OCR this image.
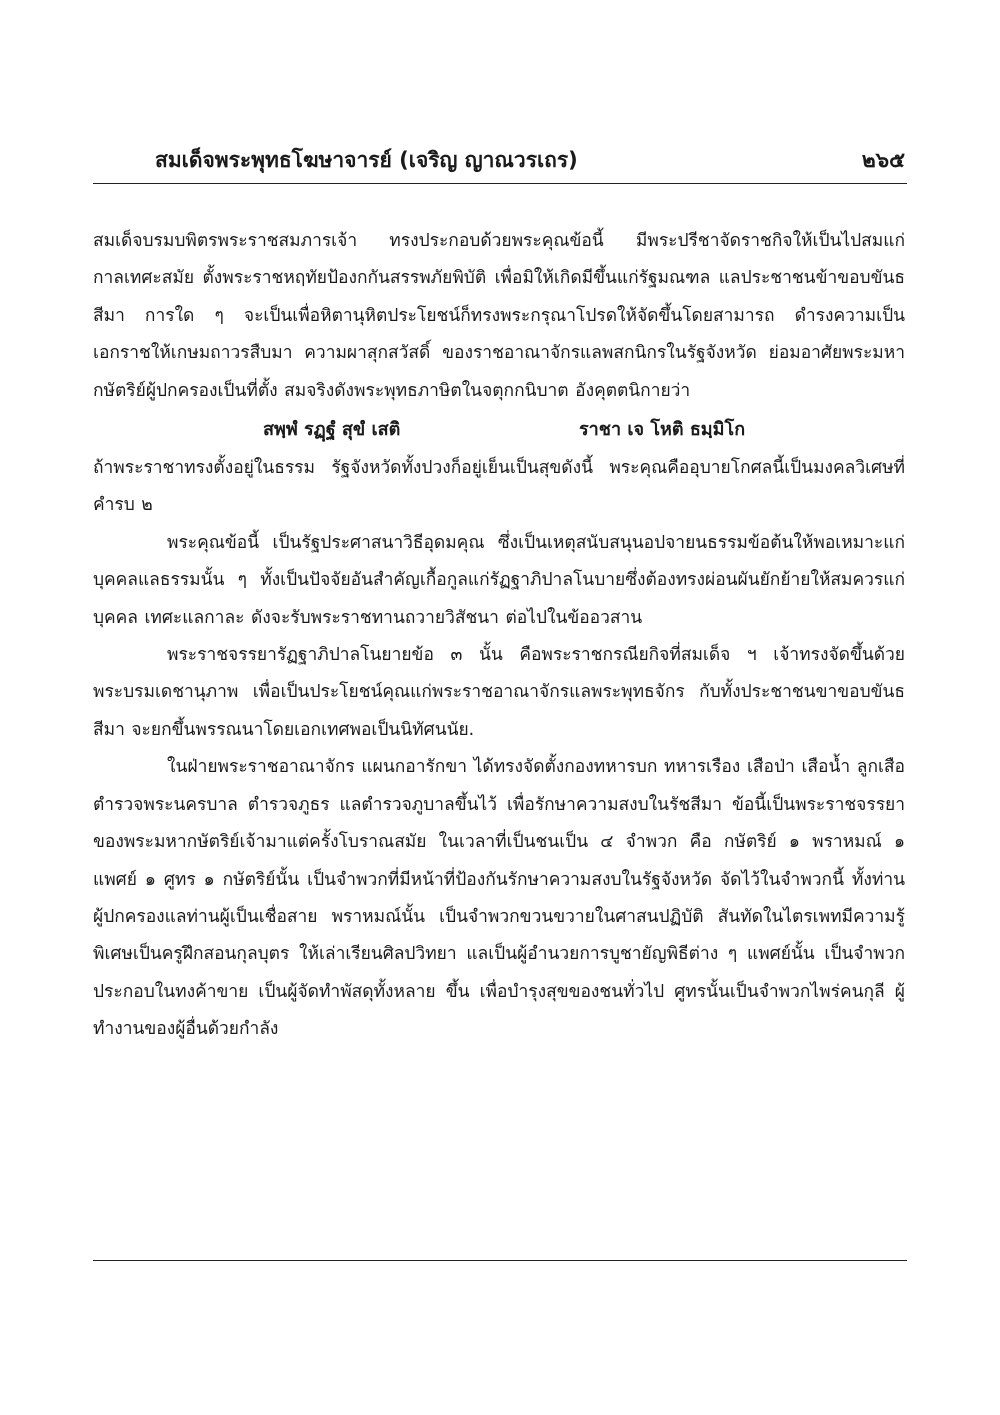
สมเด็จพระพุทธโฆษาจารย์ (เจริญ ญาณวรเถร)	๒๖๕

สมเด็จบรมบพิตรพระราชสมภารเจ้า ทรงประกอบด้วยพระคุณข้อนี้ มีพระปรีชาจัดราชกิจให้เป็นไปสมแก่กาลเทศะสมัย ตั้งพระราชหฤทัยป้องกกันสรรพภัยพิบัติ เพื่อมิให้เกิดมีขึ้นแก่รัฐมณฑล แลประชาชนข้าขอบขันธสีมา การใด ๆ จะเป็นเพื่อหิตานุหิตประโยชน์ก็ทรงพระกรุณาโปรดให้จัดขึ้นโดยสามารถ ดำรงความเป็นเอกราชให้เกษมถาวรสืบมา ความผาสุกสวัสดิ์ ของราชอาณาจักรแลพสกนิกรในรัฐจังหวัด ย่อมอาศัยพระมหากษัตริย์ผู้ปกครองเป็นที่ตั้ง สมจริงดังพระพุทธภาษิตในจตุกกนิบาต อังคุตตนิกายว่า

สพฺพํ รฏฺฐํ สุขํ เสติ	ราชา เจ โหติ ธมฺมิโก

ถ้าพระราชาทรงตั้งอยู่ในธรรม รัฐจังหวัดทั้งปวงก็อยู่เย็นเป็นสุขดังนี้ พระคุณคืออุบายโกศลนี้เป็นมงคลวิเศษที่คำรบ ๒

พระคุณข้อนี้ เป็นรัฐประศาสนาวิธีอุดมคุณ ซึ่งเป็นเหตุสนับสนุนอปจายนธรรมข้อต้นให้พอเหมาะแก่บุคคลแลธรรมนั้น ๆ ทั้งเป็นปัจจัยอันสำคัญเกื้อกูลแก่รัฏฐาภิปาลโนบายซึ่งต้องทรงผ่อนผันยักย้ายให้สมควรแก่บุคคล เทศะแลกาละ ดังจะรับพระราชทานถวายวิสัชนา ต่อไปในข้ออวสาน

พระราชจรรยารัฏฐาภิปาลโนยายข้อ ๓ นั้น คือพระราชกรณียกิจที่สมเด็จ ฯ เจ้าทรงจัดขึ้นด้วยพระบรมเดชานุภาพ เพื่อเป็นประโยชน์คุณแก่พระราชอาณาจักรแลพระพุทธจักร กับทั้งประชาชนขาขอบขันธสีมา จะยกขึ้นพรรณนาโดยเอกเทศพอเป็นนิทัศนนัย.

ในฝ่ายพระราชอาณาจักร แผนกอารักขา ได้ทรงจัดตั้งกองทหารบก ทหารเรือง เสือป่า เสือน้ำ ลูกเสือ ตำรวจพระนครบาล ตำรวจภูธร แลตำรวจภูบาลขึ้นไว้ เพื่อรักษาความสงบในรัชสีมา ข้อนี้เป็นพระราชจรรยาของพระมหากษัตริย์เจ้ามาแต่ครั้งโบราณสมัย ในเวลาที่เป็นชนเป็น ๔ จำพวก คือ กษัตริย์ ๑ พราหมณ์ ๑ แพศย์ ๑ ศูทร ๑ กษัตริย์นั้น เป็นจำพวกที่มีหน้าที่ป้องกันรักษาความสงบในรัฐจังหวัด จัดไว้ในจำพวกนี้ ทั้งท่านผู้ปกครองแลท่านผู้เป็นเชื่อสาย พราหมณ์นั้น เป็นจำพวกขวนขวายในศาสนปฏิบัติ สันทัดในไตรเพทมีความรู้พิเศษเป็นครูฝึกสอนกุลบุตร ให้เล่าเรียนศิลปวิทยา แลเป็นผู้อำนวยการบูชายัญพิธีต่าง ๆ แพศย์นั้น เป็นจำพวกประกอบในทงค้าขาย เป็นผู้จัดทำพัสดุทั้งหลาย ขึ้น เพื่อบำรุงสุขของชนทั่วไป ศูทรนั้นเป็นจำพวกไพร่คนกุลี ผู้ทำงานของผู้อื่นด้วยกำลัง
